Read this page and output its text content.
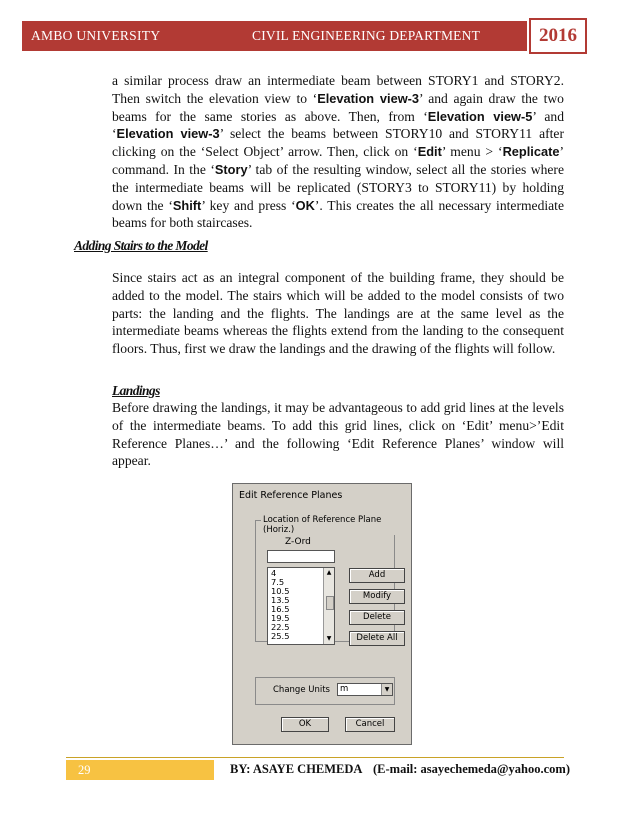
AMBO UNIVERSITY	CIVIL ENGINEERING DEPARTMENT	2016

a similar process draw an intermediate beam between STORY1 and STORY2. Then switch the elevation view to ‘Elevation view-3’ and again draw the two beams for the same stories as above. Then, from ‘Elevation view-5’ and ‘Elevation view-3’ select the beams between STORY10 and STORY11 after clicking on the ‘Select Object’ arrow. Then, click on ‘Edit’ menu > ‘Replicate’ command. In the ‘Story’ tab of the resulting window, select all the stories where the intermediate beams will be replicated (STORY3 to STORY11) by holding down the ‘Shift’ key and press ‘OK’. This creates the all necessary intermediate beams for both staircases.

Adding Stairs to the Model

Since stairs act as an integral component of the building frame, they should be added to the model. The stairs which will be added to the model consists of two parts: the landing and the flights. The landings are at the same level as the intermediate beams whereas the flights extend from the landing to the consequent floors. Thus, first we draw the landings and the drawing of the flights will follow.

Landings

Before drawing the landings, it may be advantageous to add grid lines at the levels of the intermediate beams. To add this grid lines, click on ‘Edit’ menu>’Edit Reference Planes…’ and the following ‘Edit Reference Planes’ window will appear.

Edit Reference Planes
Location of Reference Plane (Horiz.)
Z-Ord
4
7.5
10.5
13.5
16.5
19.5
22.5
25.5
▲
▼
Add
Modify
Delete
Delete All
Change Units	m	▼
OK	Cancel
29	BY: ASAYE CHEMEDA (E-mail: asayechemeda@yahoo.com)
